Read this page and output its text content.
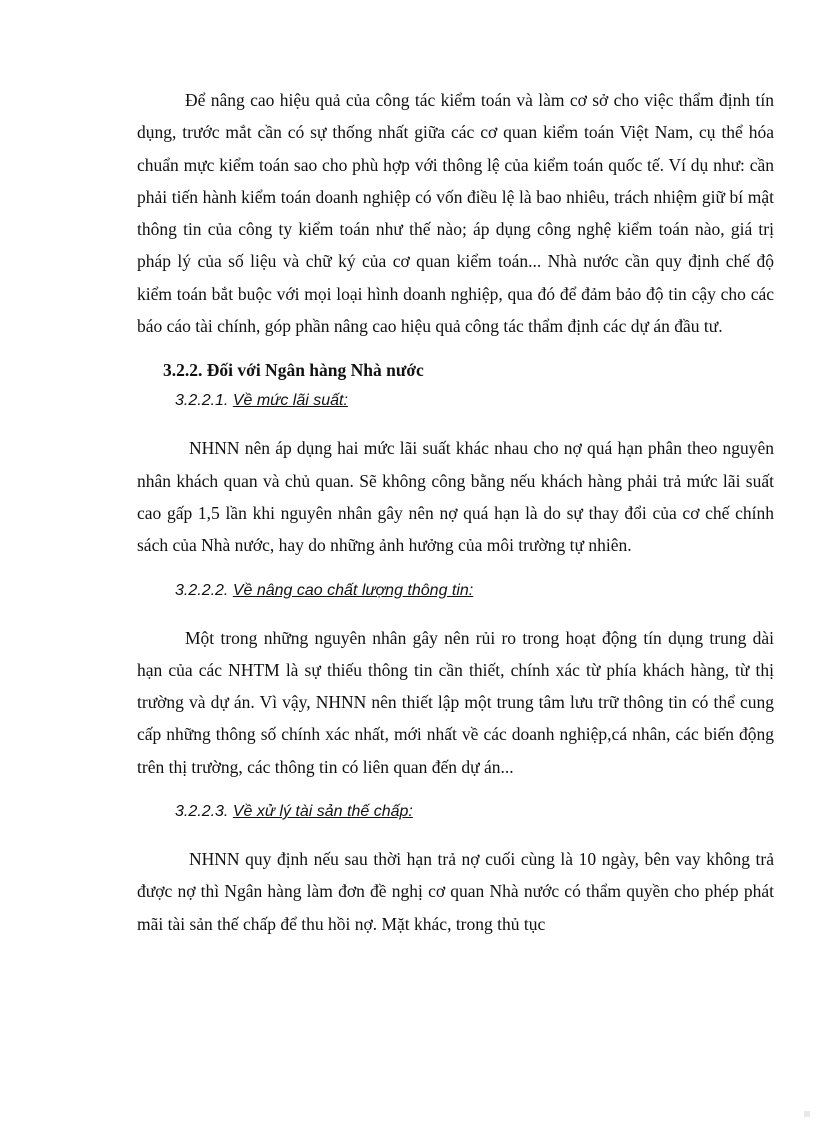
Để nâng cao hiệu quả của công tác kiểm toán và làm cơ sở cho việc thẩm định tín dụng, trước mắt cần có sự thống nhất giữa các cơ quan kiểm toán Việt Nam, cụ thể hóa chuẩn mực kiểm toán sao cho phù hợp với thông lệ của kiểm toán quốc tế. Ví dụ như: cần phải tiến hành kiểm toán doanh nghiệp có vốn điều lệ là bao nhiêu, trách nhiệm giữ bí mật thông tin của công ty kiểm toán như thế nào; áp dụng công nghệ kiểm toán nào, giá trị pháp lý của số liệu và chữ ký của cơ quan kiểm toán... Nhà nước cần quy định chế độ kiểm toán bắt buộc với mọi loại hình doanh nghiệp, qua đó để đảm bảo độ tin cậy cho các báo cáo tài chính, góp phần nâng cao hiệu quả công tác thẩm định các dự án đầu tư.

3.2.2. Đối với Ngân hàng Nhà nước
3.2.2.1. Về mức lãi suất:

NHNN nên áp dụng hai mức lãi suất khác nhau cho nợ quá hạn phân theo nguyên nhân khách quan và chủ quan. Sẽ không công bằng nếu khách hàng phải trả mức lãi suất cao gấp 1,5 lần khi nguyên nhân gây nên nợ quá hạn là do sự thay đổi của cơ chế chính sách của Nhà nước, hay do những ảnh hưởng của môi trường tự nhiên.

3.2.2.2. Về nâng cao chất lượng thông tin:

Một trong những nguyên nhân gây nên rủi ro trong hoạt động tín dụng trung dài hạn của các NHTM là sự thiếu thông tin cần thiết, chính xác từ phía khách hàng, từ thị trường và dự án. Vì vậy, NHNN nên thiết lập một trung tâm lưu trữ thông tin có thể cung cấp những thông số chính xác nhất, mới nhất về các doanh nghiệp,cá nhân, các biến động trên thị trường, các thông tin có liên quan đến dự án...

3.2.2.3. Về xử lý tài sản thế chấp:

NHNN quy định nếu sau thời hạn trả nợ cuối cùng là 10 ngày, bên vay không trả được nợ thì Ngân hàng làm đơn đề nghị cơ quan Nhà nước có thẩm quyền cho phép phát mãi tài sản thế chấp để thu hồi nợ. Mặt khác, trong thủ tục
